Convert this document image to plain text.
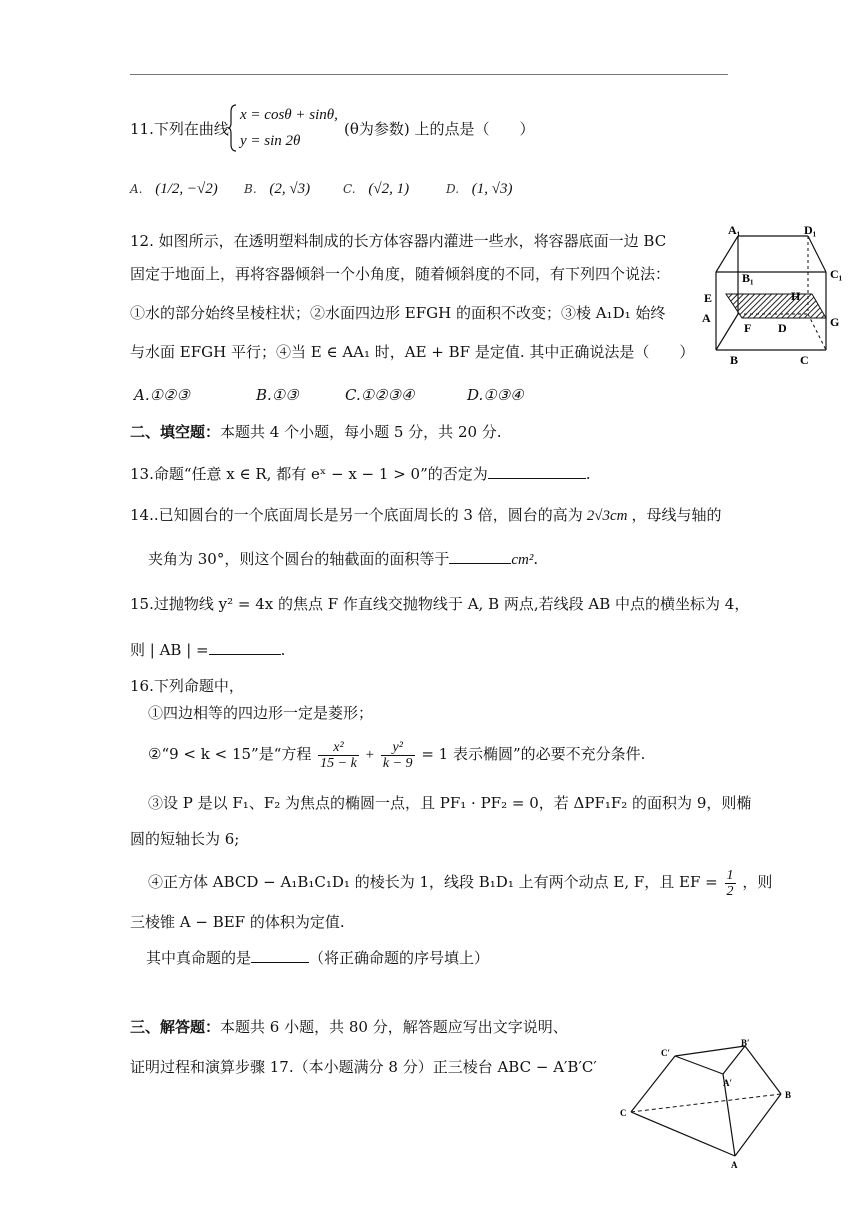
11.下列在曲线
x = cosθ + sinθ,
y = sin 2θ
(θ为参数) 上的点是（　　）
A. (1/2, −√2) B. (2, √3)	C. (√2, 1)	D. (1, √3)
12. 如图所示，在透明塑料制成的长方体容器内灌进一些水，将容器底面一边 BC
固定于地面上，再将容器倾斜一个小角度，随着倾斜度的不同，有下列四个说法：
①水的部分始终呈棱柱状；②水面四边形 EFGH 的面积不改变；③棱 A₁D₁ 始终
与水面 EFGH 平行；④当 E ∈ AA₁ 时，AE + BF 是定值. 其中正确说法是（　　）
A.①②③	B.①③	C.①②③④	D.①③④
A₁	D₁
B₁	C₁
E	H
A	G
F D
B	C
二、填空题：本题共 4 个小题，每小题 5 分，共 20 分.
13.命题“任意 x ∈ R, 都有 eˣ − x − 1 > 0”的否定为	.
14..已知圆台的一个底面周长是另一个底面周长的 3 倍，圆台的高为 2√3cm ，母线与轴的
夹角为 30°，则这个圆台的轴截面的面积等于	cm².
15.过抛物线 y² = 4x 的焦点 F 作直线交抛物线于 A, B 两点,若线段 AB 中点的横坐标为 4，
则 | AB | =	.
16.下列命题中，
①四边相等的四边形一定是菱形；
②“9 < k < 15”是“方程 $\frac{\text{x²}}{15 - k} + \frac{\text{y²}}{k - 9} = 1$ 表示椭圆”的必要不充分条件.
③设 P 是以 F₁、F₂ 为焦点的椭圆一点，且 PF₁ · PF₂ = 0，若 ΔPF₁F₂ 的面积为 9，则椭
圆的短轴长为 6;
④正方体 ABCD − A₁B₁C₁D₁ 的棱长为 1，线段 B₁D₁ 上有两个动点 E, F，且 EF = $\frac{1}{2}$ ，则
三棱锥 A − BEF 的体积为定值.
其中真命题的是	（将正确命题的序号填上）
三、解答题：本题共 6 小题，共 80 分，解答题应写出文字说明、
证明过程和演算步骤 17.（本小题满分 8 分）正三棱台 ABC − A′B′C′
C′
B′
A′
C
B
A
